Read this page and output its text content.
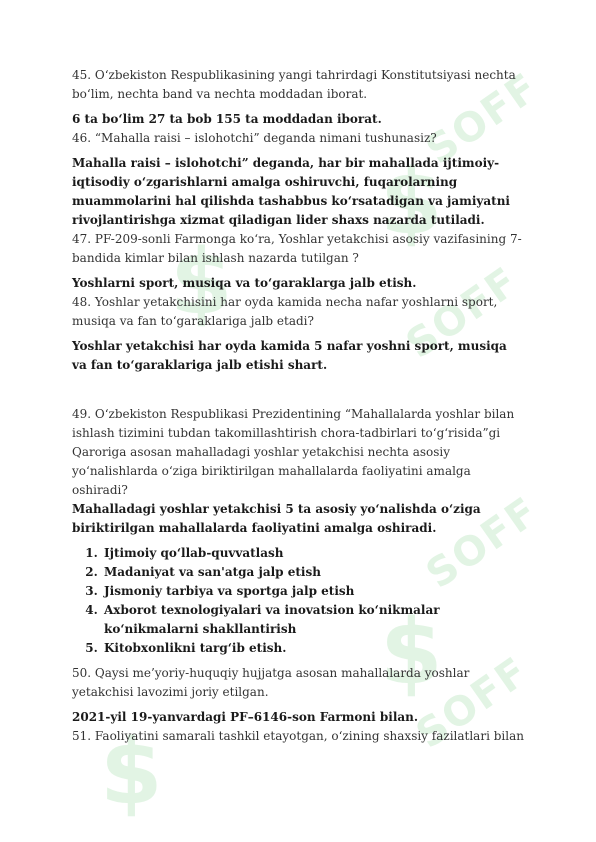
SOFF
$
SOFF
$
SOFF
$
SOFF
$

45. O‘zbekiston Respublikasining yangi tahrirdagi Konstitutsiyasi nechta bo‘lim, nechta band va nechta moddadan iborat.

6 ta bo‘lim 27 ta bob 155 ta moddadan iborat.

46. “Mahalla raisi – islohotchi” deganda nimani tushunasiz?

Mahalla raisi – islohotchi” deganda, har bir mahallada ijtimoiy-iqtisodiy o‘zgarishlarni amalga oshiruvchi, fuqarolarning muammolarini hal qilishda tashabbus ko‘rsatadigan va jamiyatni rivojlantirishga xizmat qiladigan lider shaxs nazarda tutiladi.

47. PF-209-sonli Farmonga ko‘ra, Yoshlar yetakchisi asosiy vazifasining 7-bandida kimlar bilan ishlash nazarda tutilgan ?

Yoshlarni sport, musiqa va to‘garaklarga jalb etish.

48. Yoshlar yetakchisini har oyda kamida necha nafar yoshlarni sport, musiqa va fan to‘garaklariga jalb etadi?

Yoshlar yetakchisi har oyda kamida 5 nafar yoshni sport, musiqa va fan to‘garaklariga jalb etishi shart.

49. O‘zbekiston Respublikasi Prezidentining “Mahallalarda yoshlar bilan ishlash tizimini tubdan takomillashtirish chora-tadbirlari to‘g‘risida”gi Qaroriga asosan mahalladagi yoshlar yetakchisi nechta asosiy yo‘nalishlarda o‘ziga biriktirilgan mahallalarda faoliyatini amalga oshiradi?

Mahalladagi yoshlar yetakchisi 5 ta asosiy yo‘nalishda o‘ziga biriktirilgan mahallalarda faoliyatini amalga oshiradi.

1. Ijtimoiy qo‘llab-quvvatlash
2. Madaniyat va san'atga jalp etish
3. Jismoniy tarbiya va sportga jalp etish
4. Axborot texnologiyalari va inovatsion ko‘nikmalar ko‘nikmalarni shakllantirish
5. Kitobxonlikni targ‘ib etish.

50. Qaysi me’yoriy-huquqiy hujjatga asosan mahallalarda yoshlar yetakchisi lavozimi joriy etilgan.

2021-yil 19-yanvardagi PF–6146-son Farmoni bilan.

51. Faoliyatini samarali tashkil etayotgan, o‘zining shaxsiy fazilatlari bilan
